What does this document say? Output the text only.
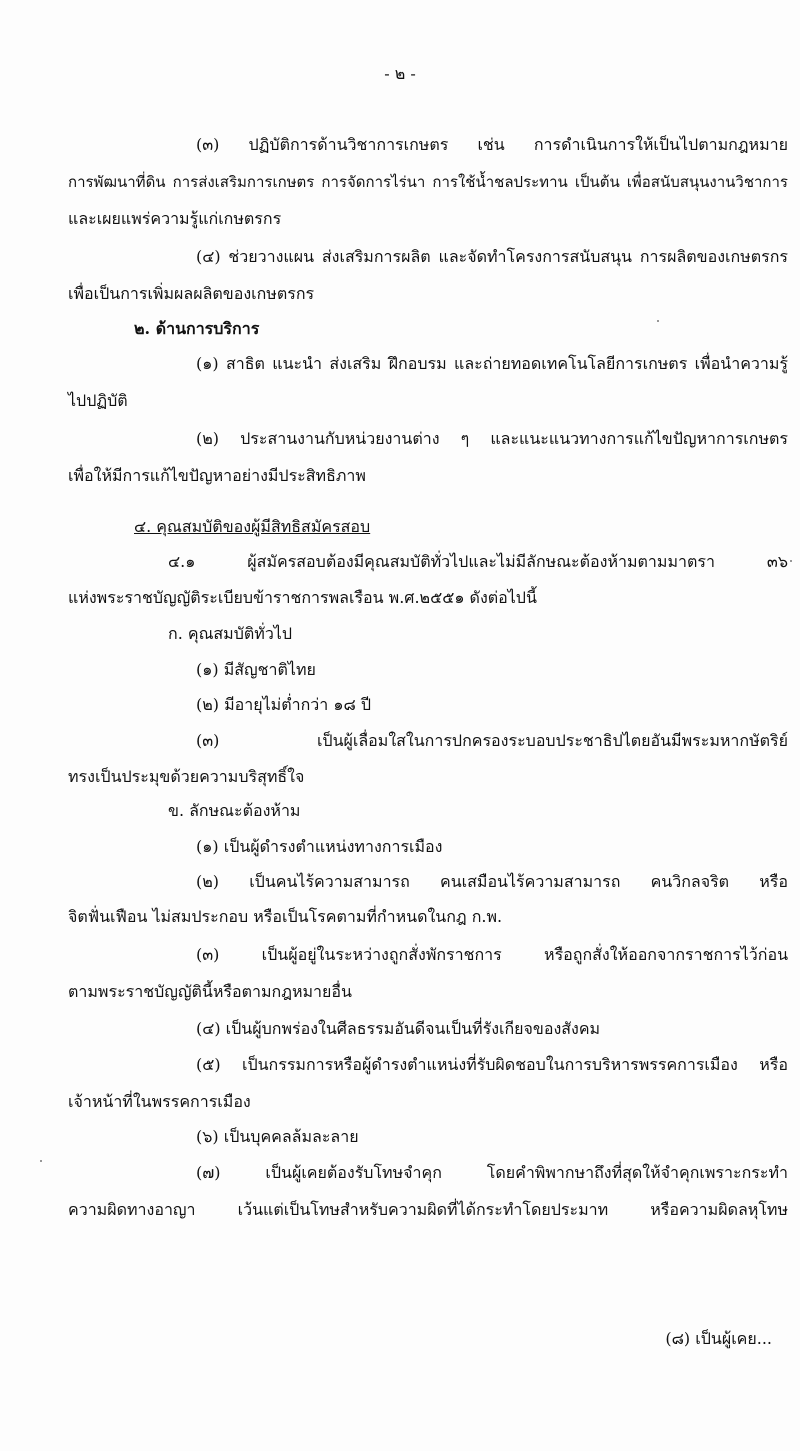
- ๒ -
(๓) ปฏิบัติการด้านวิชาการเกษตร เช่น การดำเนินการให้เป็นไปตามกฎหมาย
การพัฒนาที่ดิน การส่งเสริมการเกษตร การจัดการไร่นา การใช้น้ำชลประทาน เป็นต้น เพื่อสนับสนุนงานวิชาการ
และเผยแพร่ความรู้แก่เกษตรกร
(๔) ช่วยวางแผน ส่งเสริมการผลิต และจัดทำโครงการสนับสนุน การผลิตของเกษตรกร
เพื่อเป็นการเพิ่มผลผลิตของเกษตรกร
๒. ด้านการบริการ
(๑) สาธิต แนะนำ ส่งเสริม ฝึกอบรม และถ่ายทอดเทคโนโลยีการเกษตร เพื่อนำความรู้
ไปปฏิบัติ
(๒) ประสานงานกับหน่วยงานต่าง ๆ และแนะแนวทางการแก้ไขปัญหาการเกษตร
เพื่อให้มีการแก้ไขปัญหาอย่างมีประสิทธิภาพ
๔. คุณสมบัติของผู้มีสิทธิสมัครสอบ
๔.๑ ผู้สมัครสอบต้องมีคุณสมบัติทั่วไปและไม่มีลักษณะต้องห้ามตามมาตรา ๓๖
แห่งพระราชบัญญัติระเบียบข้าราชการพลเรือน พ.ศ.๒๕๕๑ ดังต่อไปนี้
ก. คุณสมบัติทั่วไป
(๑) มีสัญชาติไทย
(๒) มีอายุไม่ต่ำกว่า ๑๘ ปี
(๓) เป็นผู้เลื่อมใสในการปกครองระบอบประชาธิปไตยอันมีพระมหากษัตริย์
ทรงเป็นประมุขด้วยความบริสุทธิ์ใจ
ข. ลักษณะต้องห้าม
(๑) เป็นผู้ดำรงตำแหน่งทางการเมือง
(๒) เป็นคนไร้ความสามารถ คนเสมือนไร้ความสามารถ คนวิกลจริต หรือ
จิตฟั่นเฟือน ไม่สมประกอบ หรือเป็นโรคตามที่กำหนดในกฎ ก.พ.
(๓) เป็นผู้อยู่ในระหว่างถูกสั่งพักราชการ หรือถูกสั่งให้ออกจากราชการไว้ก่อน
ตามพระราชบัญญัตินี้หรือตามกฎหมายอื่น
(๔) เป็นผู้บกพร่องในศีลธรรมอันดีจนเป็นที่รังเกียจของสังคม
(๕) เป็นกรรมการหรือผู้ดำรงตำแหน่งที่รับผิดชอบในการบริหารพรรคการเมือง หรือ
เจ้าหน้าที่ในพรรคการเมือง
(๖) เป็นบุคคลล้มละลาย
(๗) เป็นผู้เคยต้องรับโทษจำคุก โดยคำพิพากษาถึงที่สุดให้จำคุกเพราะกระทำ
ความผิดทางอาญา เว้นแต่เป็นโทษสำหรับความผิดที่ได้กระทำโดยประมาท หรือความผิดลหุโทษ
(๘) เป็นผู้เคย...
